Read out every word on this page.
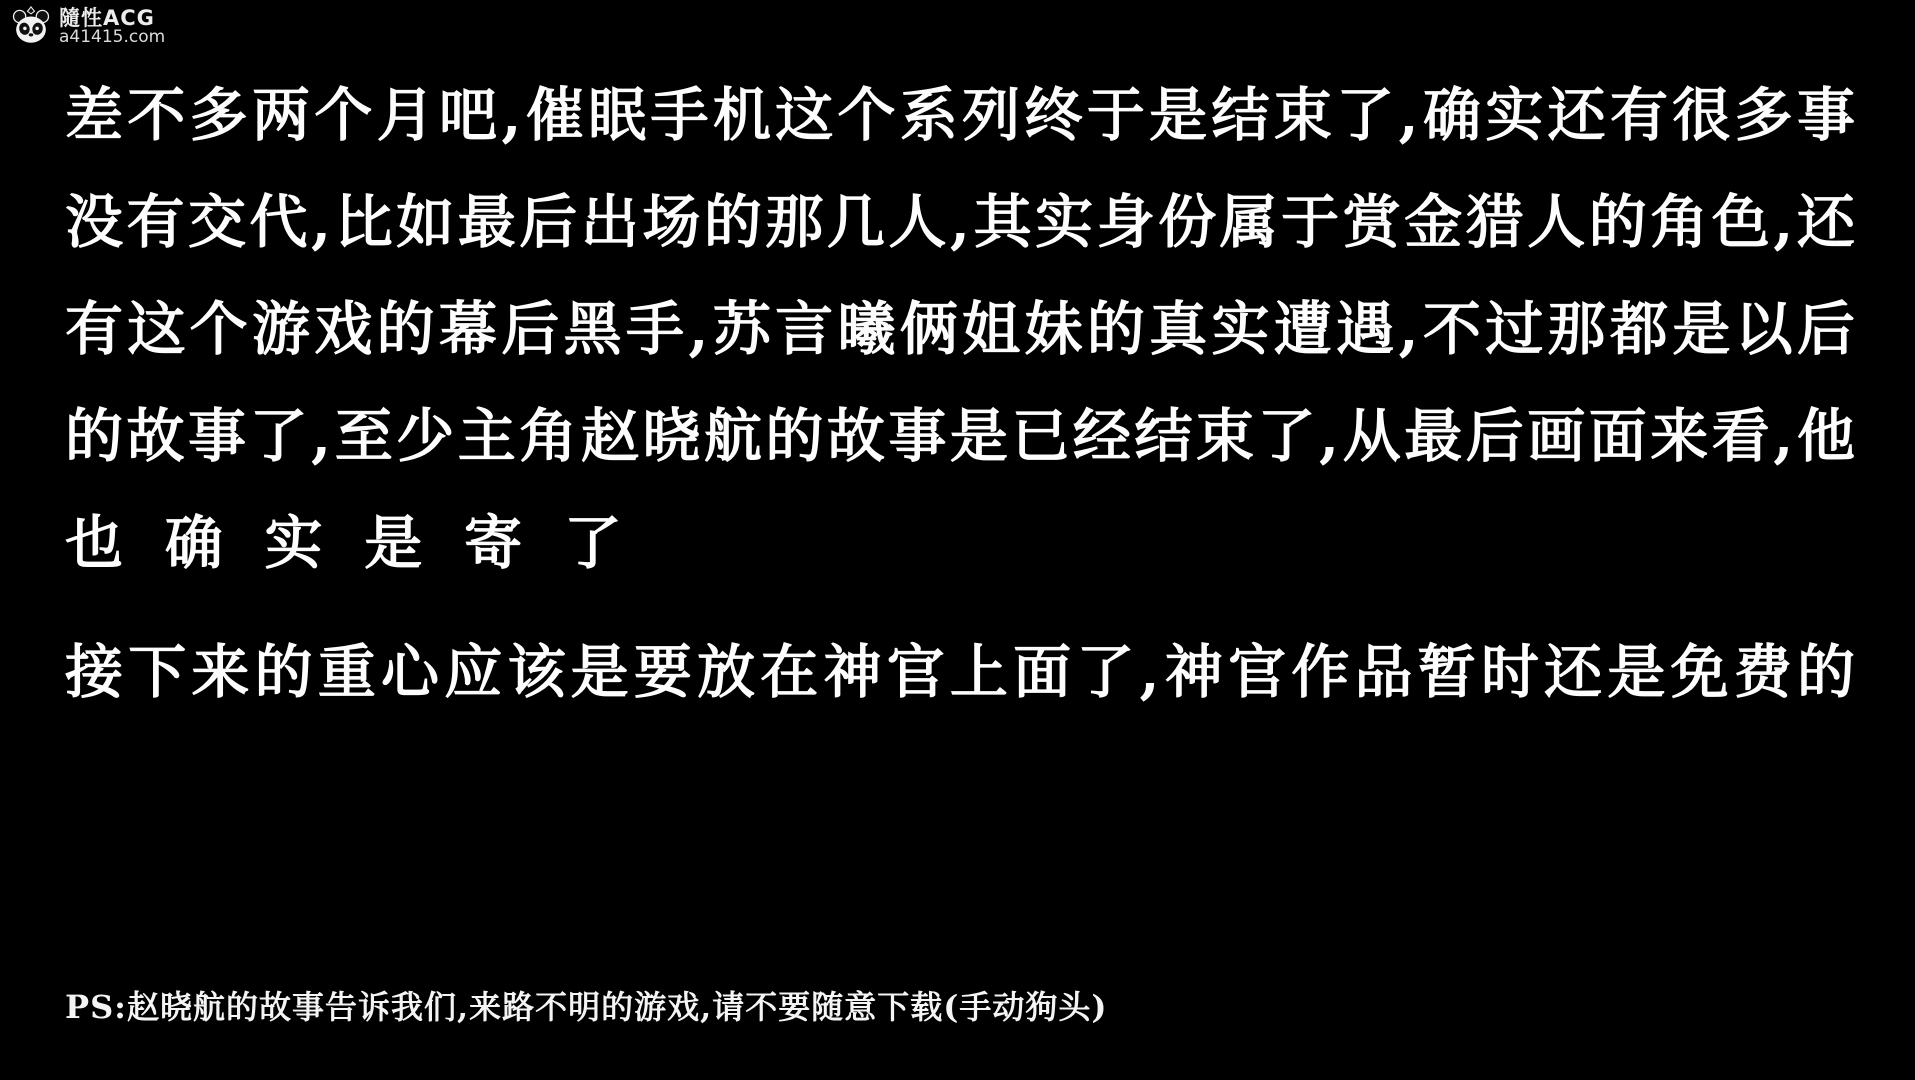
隨性ACG
a41415.com
差不多两个月吧,催眠手机这个系列终于是结束了,确实还有很多事
没有交代,比如最后出场的那几人,其实身份属于赏金猎人的角色,还
有这个游戏的幕后黑手,苏言曦俩姐妹的真实遭遇,不过那都是以后
的故事了,至少主角赵晓航的故事是已经结束了,从最后画面来看,他
也确实是寄了
接下来的重心应该是要放在神官上面了,神官作品暂时还是免费的
PS:赵晓航的故事告诉我们,来路不明的游戏,请不要随意下载(手动狗头)
